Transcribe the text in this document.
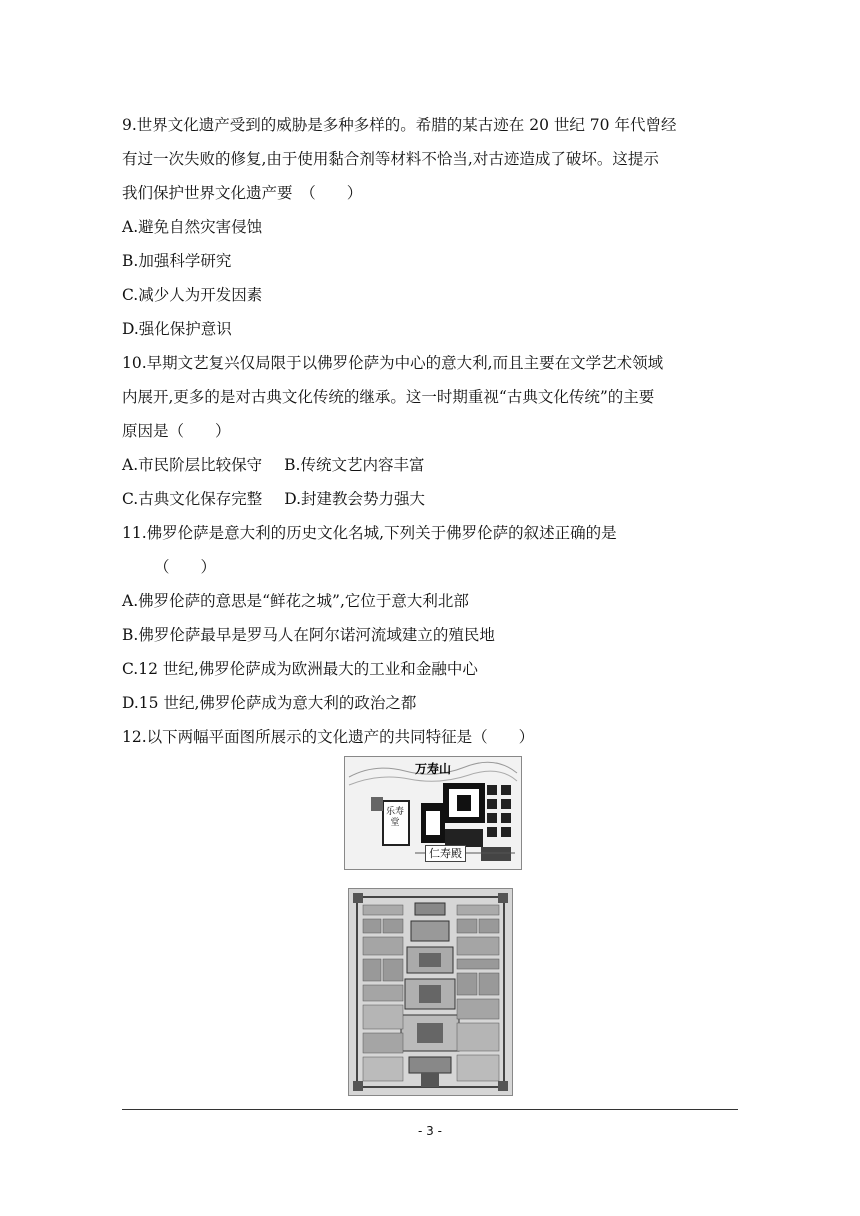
9.世界文化遗产受到的威胁是多种多样的。希腊的某古迹在 20 世纪 70 年代曾经
有过一次失败的修复,由于使用黏合剂等材料不恰当,对古迹造成了破坏。这提示
我们保护世界文化遗产要　（　　）
A.避免自然灾害侵蚀
B.加强科学研究
C.减少人为开发因素
D.强化保护意识
10.早期文艺复兴仅局限于以佛罗伦萨为中心的意大利,而且主要在文学艺术领域
内展开,更多的是对古典文化传统的继承。这一时期重视“古典文化传统”的主要
原因是（　　）
A.市民阶层比较保守 B.传统文艺内容丰富
C.古典文化保存完整 D.封建教会势力强大
11.佛罗伦萨是意大利的历史文化名城,下列关于佛罗伦萨的叙述正确的是
（　　）
A.佛罗伦萨的意思是“鲜花之城”,它位于意大利北部
B.佛罗伦萨最早是罗马人在阿尔诺河流域建立的殖民地
C.12 世纪,佛罗伦萨成为欧洲最大的工业和金融中心
D.15 世纪,佛罗伦萨成为意大利的政治之都
12.以下两幅平面图所展示的文化遗产的共同特征是（　　）
万寿山
乐寿堂
仁寿殿
- 3 -
